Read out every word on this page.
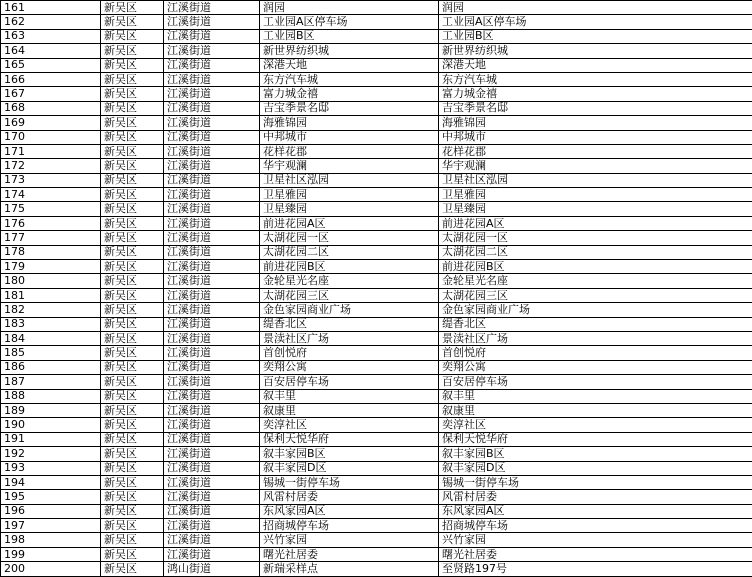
161	新吴区	江溪街道	润园	润园
162	新吴区	江溪街道	工业园A区停车场	工业园A区停车场
163	新吴区	江溪街道	工业园B区	工业园B区
164	新吴区	江溪街道	新世界纺织城	新世界纺织城
165	新吴区	江溪街道	深港天地	深港天地
166	新吴区	江溪街道	东方汽车城	东方汽车城
167	新吴区	江溪街道	富力城金禧	富力城金禧
168	新吴区	江溪街道	吉宝季景名邸	吉宝季景名邸
169	新吴区	江溪街道	海雅锦园	海雅锦园
170	新吴区	江溪街道	中邦城市	中邦城市
171	新吴区	江溪街道	花样花郡	花样花郡
172	新吴区	江溪街道	华宇观澜	华宇观澜
173	新吴区	江溪街道	卫星社区泓园	卫星社区泓园
174	新吴区	江溪街道	卫星雅园	卫星雅园
175	新吴区	江溪街道	卫星臻园	卫星臻园
176	新吴区	江溪街道	前进花园A区	前进花园A区
177	新吴区	江溪街道	太湖花园一区	太湖花园一区
178	新吴区	江溪街道	太湖花园二区	太湖花园二区
179	新吴区	江溪街道	前进花园B区	前进花园B区
180	新吴区	江溪街道	金轮星光名座	金轮星光名座
181	新吴区	江溪街道	太湖花园三区	太湖花园三区
182	新吴区	江溪街道	金色家园商业广场	金色家园商业广场
183	新吴区	江溪街道	缇香北区	缇香北区
184	新吴区	江溪街道	景渎社区广场	景渎社区广场
185	新吴区	江溪街道	首创悦府	首创悦府
186	新吴区	江溪街道	奕翔公寓	奕翔公寓
187	新吴区	江溪街道	百安居停车场	百安居停车场
188	新吴区	江溪街道	叙丰里	叙丰里
189	新吴区	江溪街道	叙康里	叙康里
190	新吴区	江溪街道	奕淳社区	奕淳社区
191	新吴区	江溪街道	保利天悦华府	保利天悦华府
192	新吴区	江溪街道	叙丰家园B区	叙丰家园B区
193	新吴区	江溪街道	叙丰家园D区	叙丰家园D区
194	新吴区	江溪街道	锡城一街停车场	锡城一街停车场
195	新吴区	江溪街道	风雷村居委	风雷村居委
196	新吴区	江溪街道	东风家园A区	东风家园A区
197	新吴区	江溪街道	招商城停车场	招商城停车场
198	新吴区	江溪街道	兴竹家园	兴竹家园
199	新吴区	江溪街道	曙光社居委	曙光社居委
200	新吴区	鸿山街道	新瑞采样点	至贤路197号
